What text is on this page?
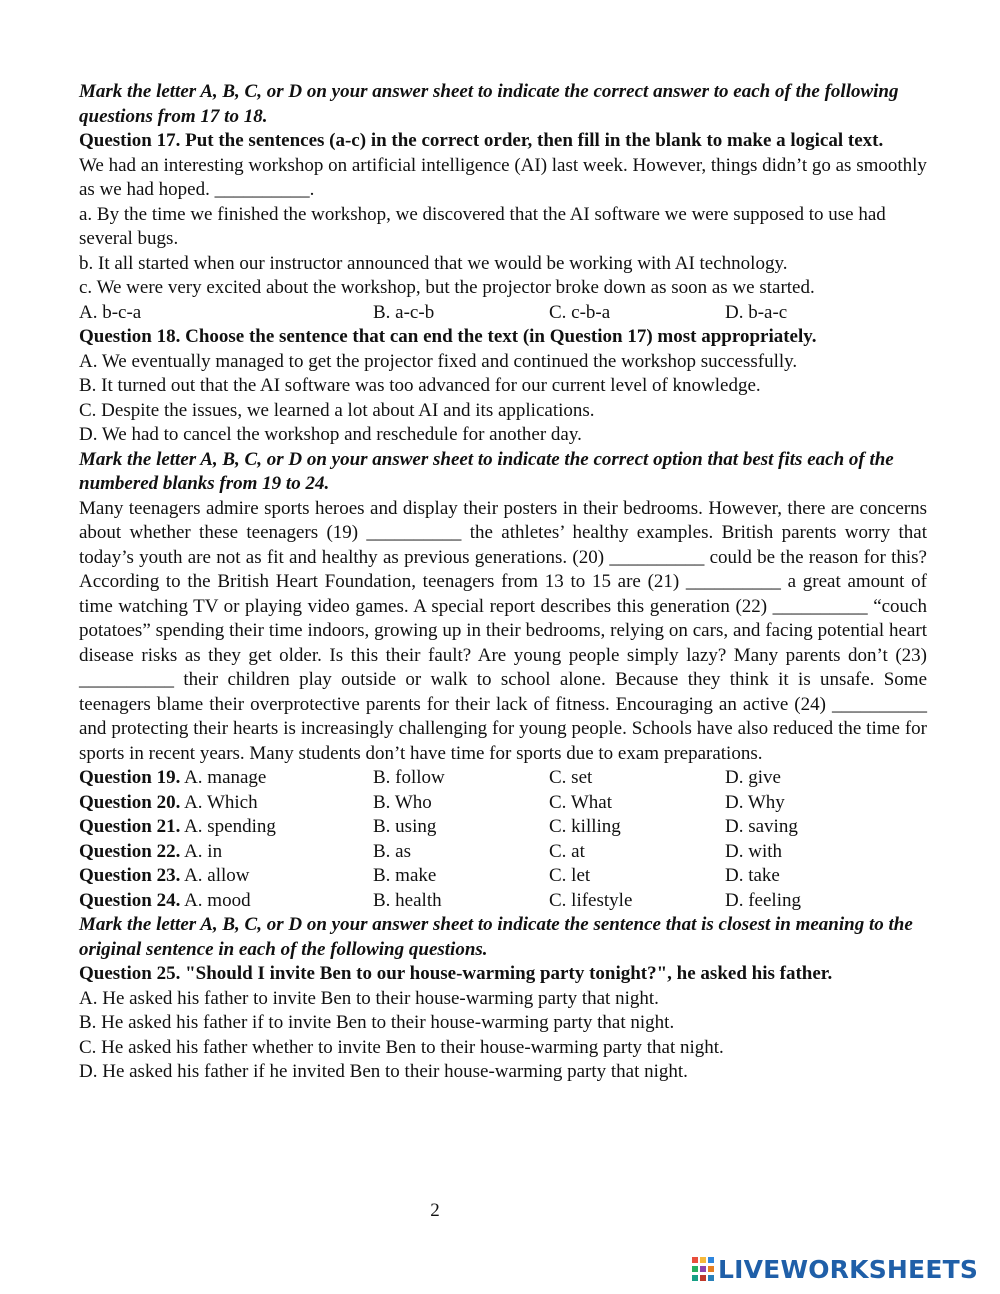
Mark the letter A, B, C, or D on your answer sheet to indicate the correct answer to each of the following questions from 17 to 18.

Question 17. Put the sentences (a-c) in the correct order, then fill in the blank to make a logical text.

We had an interesting workshop on artificial intelligence (AI) last week. However, things didn’t go as smoothly as we had hoped. __________.

a. By the time we finished the workshop, we discovered that the AI software we were supposed to use had several bugs.

b. It all started when our instructor announced that we would be working with AI technology.

c. We were very excited about the workshop, but the projector broke down as soon as we started.

A. b-c-a	B. a-c-b	C. c-b-a	D. b-a-c

Question 18. Choose the sentence that can end the text (in Question 17) most appropriately.

A. We eventually managed to get the projector fixed and continued the workshop successfully.

B. It turned out that the AI software was too advanced for our current level of knowledge.

C. Despite the issues, we learned a lot about AI and its applications.

D. We had to cancel the workshop and reschedule for another day.

Mark the letter A, B, C, or D on your answer sheet to indicate the correct option that best fits each of the numbered blanks from 19 to 24.

Many teenagers admire sports heroes and display their posters in their bedrooms. However, there are concerns about whether these teenagers (19) __________ the athletes’ healthy examples. British parents worry that today’s youth are not as fit and healthy as previous generations. (20) __________ could be the reason for this? According to the British Heart Foundation, teenagers from 13 to 15 are (21) __________ a great amount of time watching TV or playing video games. A special report describes this generation (22) __________ “couch potatoes” spending their time indoors, growing up in their bedrooms, relying on cars, and facing potential heart disease risks as they get older. Is this their fault? Are young people simply lazy? Many parents don’t (23) __________ their children play outside or walk to school alone. Because they think it is unsafe. Some teenagers blame their overprotective parents for their lack of fitness. Encouraging an active (24) __________ and protecting their hearts is increasingly challenging for young people. Schools have also reduced the time for sports in recent years. Many students don’t have time for sports due to exam preparations.

Question 19. A. manage	B. follow	C. set	D. give
Question 20. A. Which	B. Who	C. What	D. Why
Question 21. A. spending	B. using	C. killing	D. saving
Question 22. A. in	B. as	C. at	D. with
Question 23. A. allow	B. make	C. let	D. take
Question 24. A. mood	B. health	C. lifestyle	D. feeling

Mark the letter A, B, C, or D on your answer sheet to indicate the sentence that is closest in meaning to the original sentence in each of the following questions.

Question 25. "Should I invite Ben to our house-warming party tonight?", he asked his father.

A. He asked his father to invite Ben to their house-warming party that night.

B. He asked his father if to invite Ben to their house-warming party that night.

C. He asked his father whether to invite Ben to their house-warming party that night.

D. He asked his father if he invited Ben to their house-warming party that night.

2
LIVEWORKSHEETS
